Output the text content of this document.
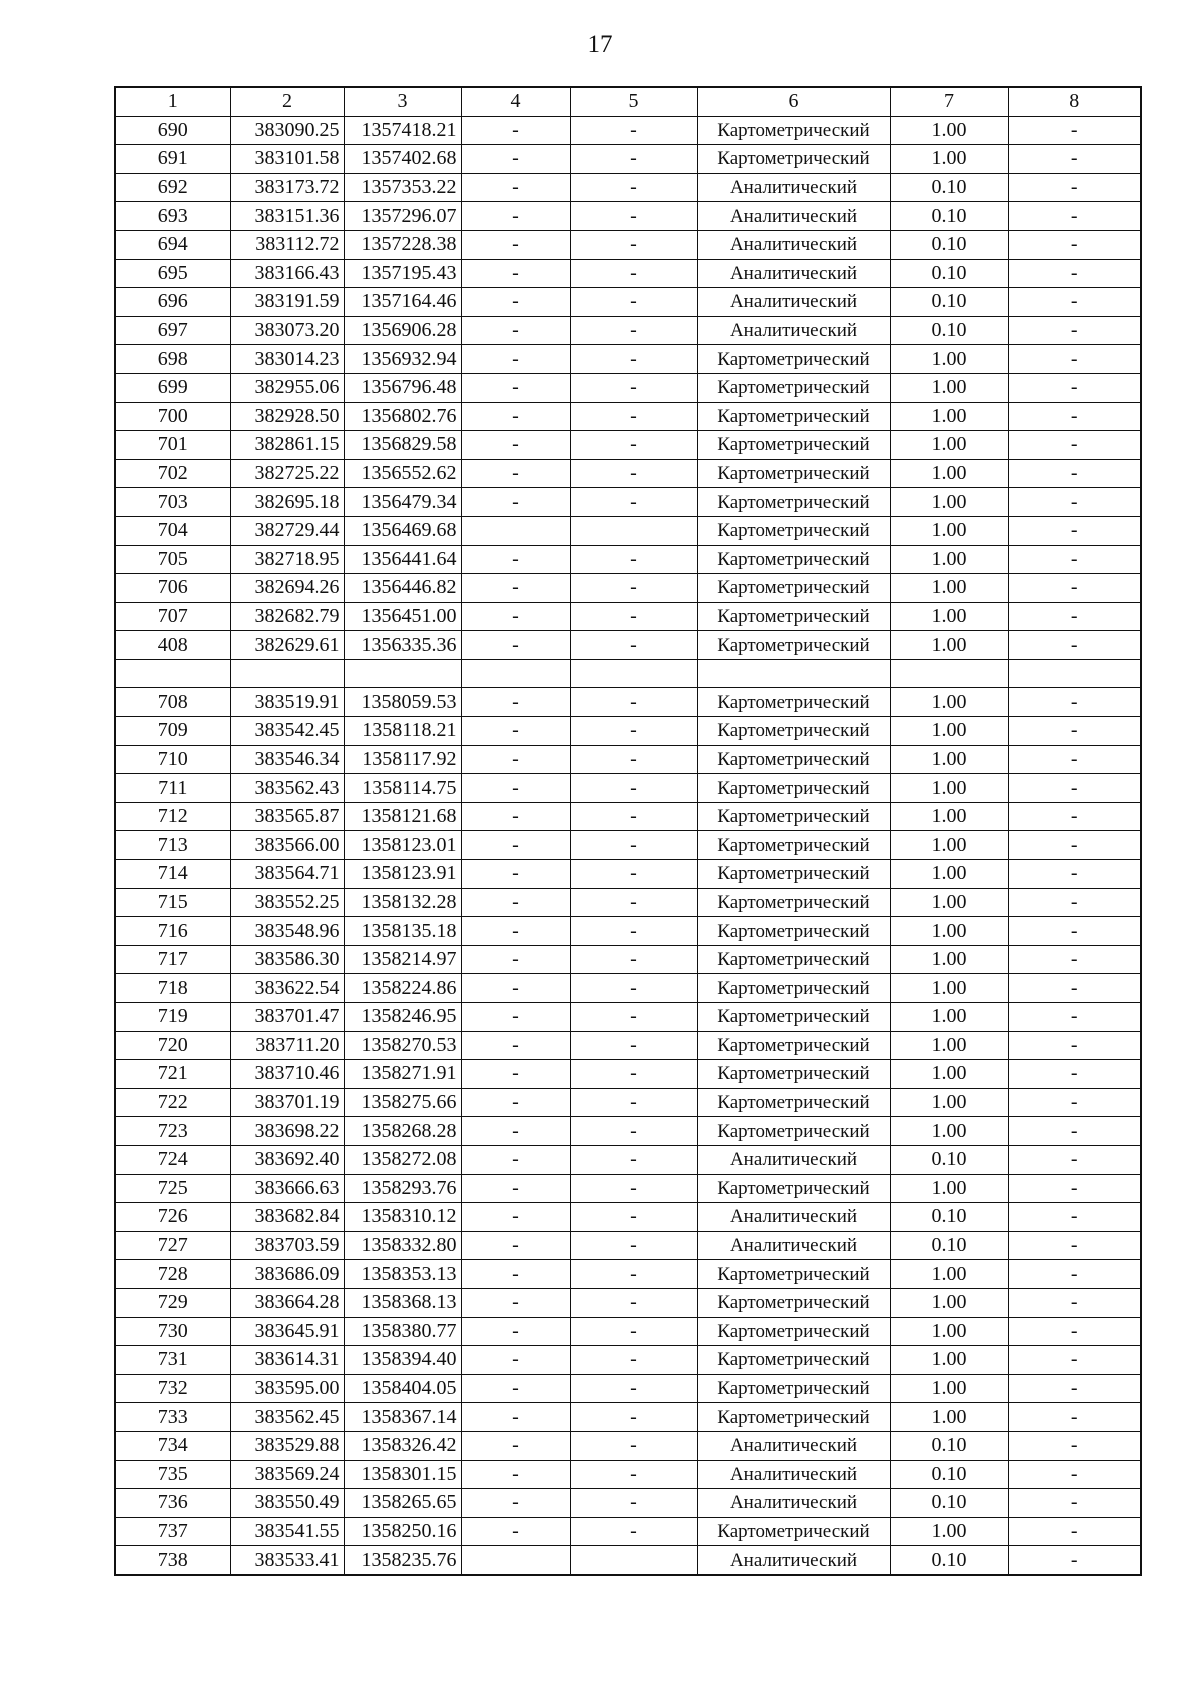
17
1	2	3	4	5	6	7	8
690	383090.25	1357418.21	-	-	Картометрический	1.00	-
691	383101.58	1357402.68	-	-	Картометрический	1.00	-
692	383173.72	1357353.22	-	-	Аналитический	0.10	-
693	383151.36	1357296.07	-	-	Аналитический	0.10	-
694	383112.72	1357228.38	-	-	Аналитический	0.10	-
695	383166.43	1357195.43	-	-	Аналитический	0.10	-
696	383191.59	1357164.46	-	-	Аналитический	0.10	-
697	383073.20	1356906.28	-	-	Аналитический	0.10	-
698	383014.23	1356932.94	-	-	Картометрический	1.00	-
699	382955.06	1356796.48	-	-	Картометрический	1.00	-
700	382928.50	1356802.76	-	-	Картометрический	1.00	-
701	382861.15	1356829.58	-	-	Картометрический	1.00	-
702	382725.22	1356552.62	-	-	Картометрический	1.00	-
703	382695.18	1356479.34	-	-	Картометрический	1.00	-
704	382729.44	1356469.68			Картометрический	1.00	-
705	382718.95	1356441.64	-	-	Картометрический	1.00	-
706	382694.26	1356446.82	-	-	Картометрический	1.00	-
707	382682.79	1356451.00	-	-	Картометрический	1.00	-
408	382629.61	1356335.36	-	-	Картометрический	1.00	-

708	383519.91	1358059.53	-	-	Картометрический	1.00	-
709	383542.45	1358118.21	-	-	Картометрический	1.00	-
710	383546.34	1358117.92	-	-	Картометрический	1.00	-
711	383562.43	1358114.75	-	-	Картометрический	1.00	-
712	383565.87	1358121.68	-	-	Картометрический	1.00	-
713	383566.00	1358123.01	-	-	Картометрический	1.00	-
714	383564.71	1358123.91	-	-	Картометрический	1.00	-
715	383552.25	1358132.28	-	-	Картометрический	1.00	-
716	383548.96	1358135.18	-	-	Картометрический	1.00	-
717	383586.30	1358214.97	-	-	Картометрический	1.00	-
718	383622.54	1358224.86	-	-	Картометрический	1.00	-
719	383701.47	1358246.95	-	-	Картометрический	1.00	-
720	383711.20	1358270.53	-	-	Картометрический	1.00	-
721	383710.46	1358271.91	-	-	Картометрический	1.00	-
722	383701.19	1358275.66	-	-	Картометрический	1.00	-
723	383698.22	1358268.28	-	-	Картометрический	1.00	-
724	383692.40	1358272.08	-	-	Аналитический	0.10	-
725	383666.63	1358293.76	-	-	Картометрический	1.00	-
726	383682.84	1358310.12	-	-	Аналитический	0.10	-
727	383703.59	1358332.80	-	-	Аналитический	0.10	-
728	383686.09	1358353.13	-	-	Картометрический	1.00	-
729	383664.28	1358368.13	-	-	Картометрический	1.00	-
730	383645.91	1358380.77	-	-	Картометрический	1.00	-
731	383614.31	1358394.40	-	-	Картометрический	1.00	-
732	383595.00	1358404.05	-	-	Картометрический	1.00	-
733	383562.45	1358367.14	-	-	Картометрический	1.00	-
734	383529.88	1358326.42	-	-	Аналитический	0.10	-
735	383569.24	1358301.15	-	-	Аналитический	0.10	-
736	383550.49	1358265.65	-	-	Аналитический	0.10	-
737	383541.55	1358250.16	-	-	Картометрический	1.00	-
738	383533.41	1358235.76			Аналитический	0.10	-
